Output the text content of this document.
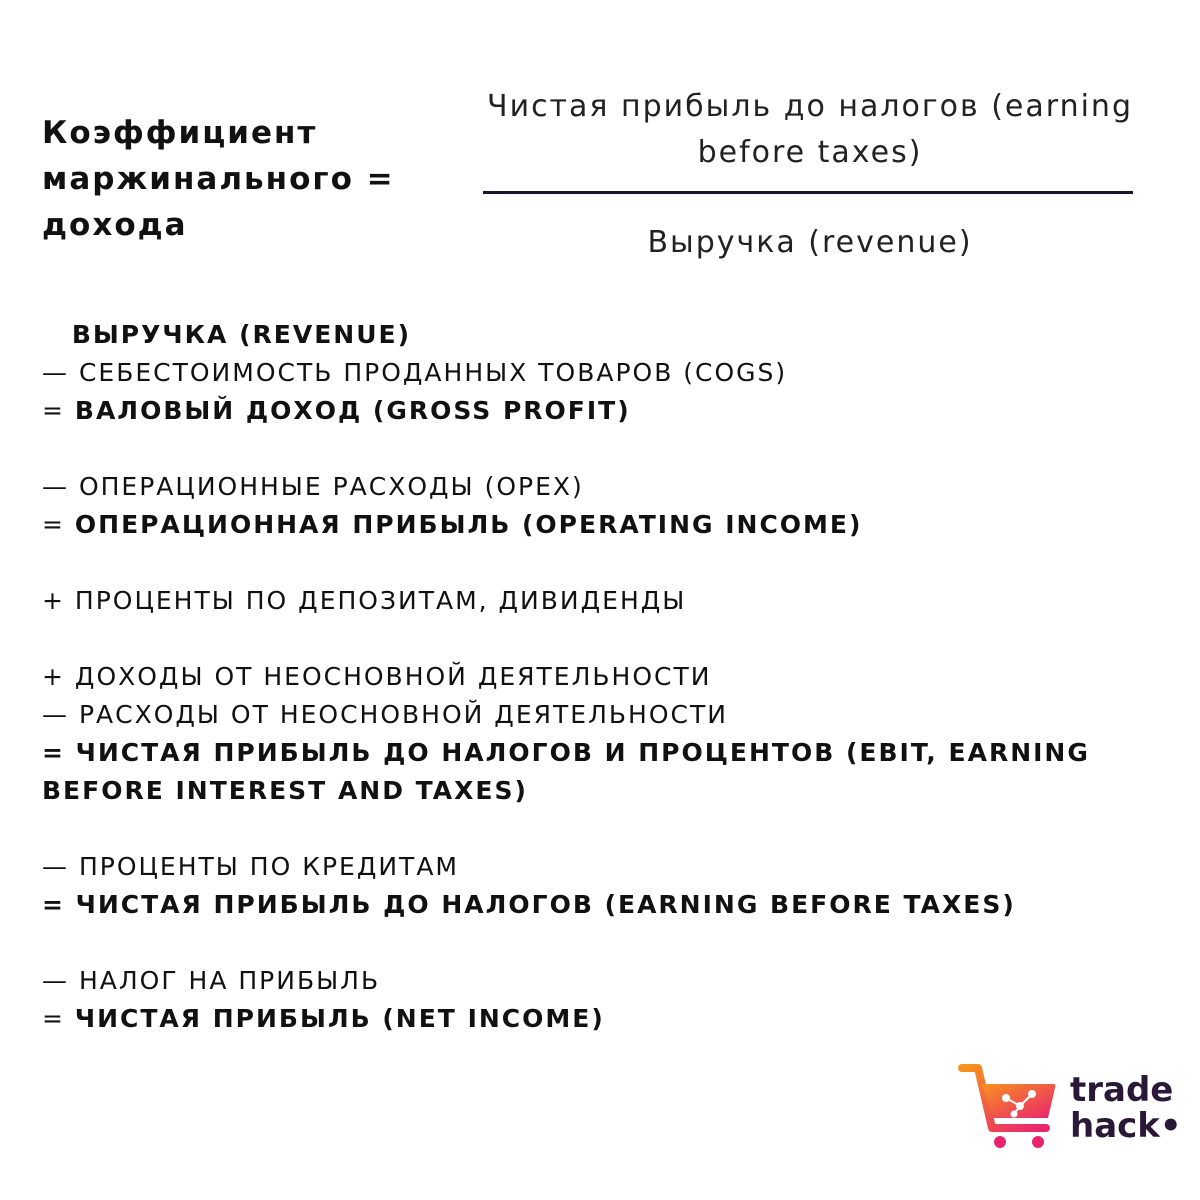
Коэффициент
маржинального =
дохода
Чистая прибыль до налогов (earning
before taxes)
Выручка (revenue)
ВЫРУЧКА (REVENUE)
— СЕБЕСТОИМОСТЬ ПРОДАННЫХ ТОВАРОВ (COGS)
= ВАЛОВЫЙ ДОХОД (GROSS PROFIT)
— ОПЕРАЦИОННЫЕ РАСХОДЫ (OPEX)
= ОПЕРАЦИОННАЯ ПРИБЫЛЬ (OPERATING INCOME)
+ ПРОЦЕНТЫ ПО ДЕПОЗИТАМ, ДИВИДЕНДЫ
+ ДОХОДЫ ОТ НЕОСНОВНОЙ ДЕЯТЕЛЬНОСТИ
— РАСХОДЫ ОТ НЕОСНОВНОЙ ДЕЯТЕЛЬНОСТИ
= ЧИСТАЯ ПРИБЫЛЬ ДО НАЛОГОВ И ПРОЦЕНТОВ (EBIT, EARNING BEFORE INTEREST AND TAXES)
— ПРОЦЕНТЫ ПО КРЕДИТАМ
= ЧИСТАЯ ПРИБЫЛЬ ДО НАЛОГОВ (EARNING BEFORE TAXES)
— НАЛОГ НА ПРИБЫЛЬ
= ЧИСТАЯ ПРИБЫЛЬ (NET INCOME)
trade
hack•
